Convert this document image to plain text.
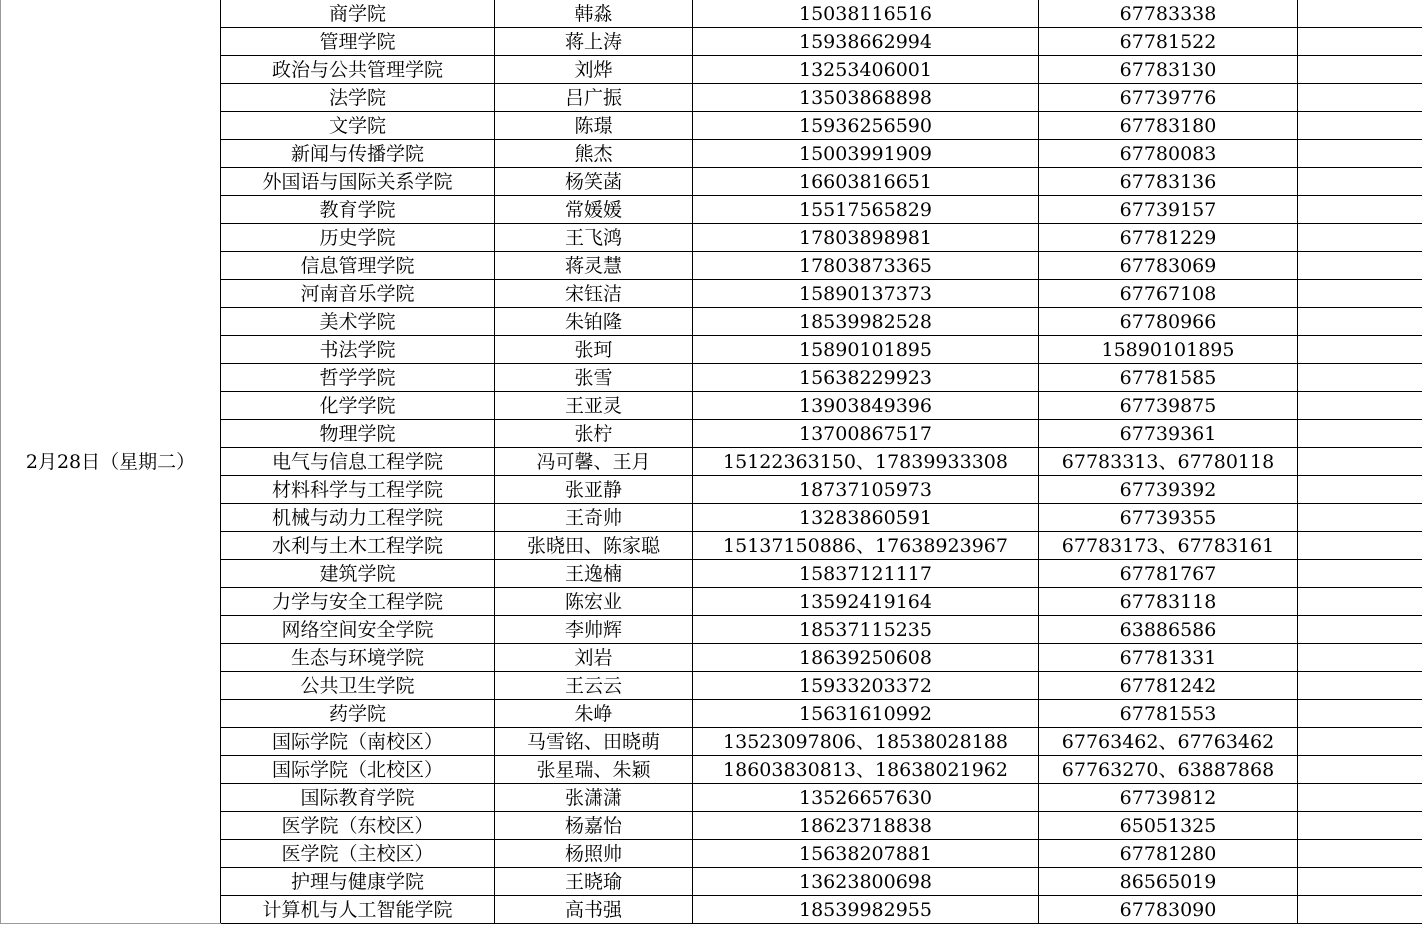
2月28日（星期二）	商学院	韩淼	15038116516	67783338	
	管理学院	蒋上涛	15938662994	67781522	
	政治与公共管理学院	刘烨	13253406001	67783130	
	法学院	吕广振	13503868898	67739776	
	文学院	陈璟	15936256590	67783180	
	新闻与传播学院	熊杰	15003991909	67780083	
	外国语与国际关系学院	杨笑菡	16603816651	67783136	
	教育学院	常媛媛	15517565829	67739157	
	历史学院	王飞鸿	17803898981	67781229	
	信息管理学院	蒋灵慧	17803873365	67783069	
	河南音乐学院	宋钰洁	15890137373	67767108	
	美术学院	朱铂隆	18539982528	67780966	
	书法学院	张珂	15890101895	15890101895	
	哲学学院	张雪	15638229923	67781585	
	化学学院	王亚灵	13903849396	67739875	
	物理学院	张柠	13700867517	67739361	
	电气与信息工程学院	冯可馨、王月	15122363150、17839933308	67783313、67780118	
	材料科学与工程学院	张亚静	18737105973	67739392	
	机械与动力工程学院	王奇帅	13283860591	67739355	
	水利与土木工程学院	张晓田、陈家聪	15137150886、17638923967	67783173、67783161	
	建筑学院	王逸楠	15837121117	67781767	
	力学与安全工程学院	陈宏业	13592419164	67783118	
	网络空间安全学院	李帅辉	18537115235	63886586	
	生态与环境学院	刘岩	18639250608	67781331	
	公共卫生学院	王云云	15933203372	67781242	
	药学院	朱峥	15631610992	67781553	
	国际学院（南校区）	马雪铭、田晓萌	13523097806、18538028188	67763462、67763462	
	国际学院（北校区）	张星瑞、朱颖	18603830813、18638021962	67763270、63887868	
	国际教育学院	张潇潇	13526657630	67739812	
	医学院（东校区）	杨嘉怡	18623718838	65051325	
	医学院（主校区）	杨照帅	15638207881	67781280	
	护理与健康学院	王晓瑜	13623800698	86565019	
	计算机与人工智能学院	高书强	18539982955	67783090	
